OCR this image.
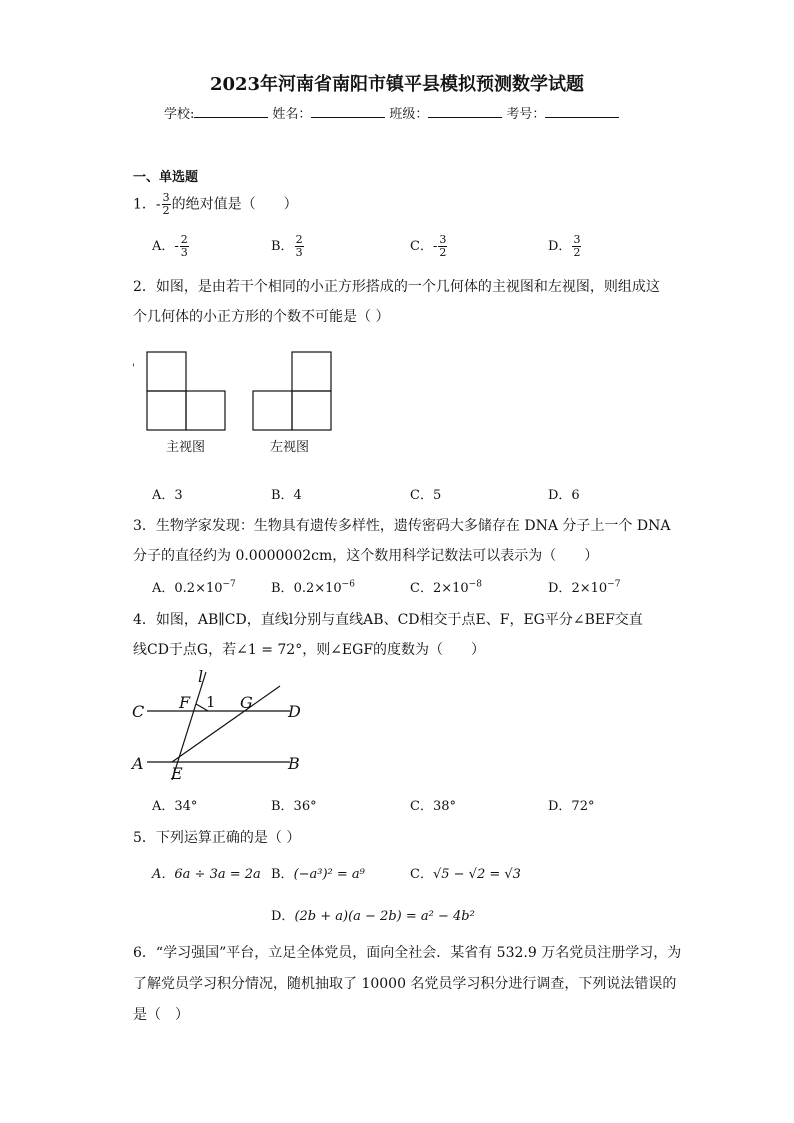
2023年河南省南阳市镇平县模拟预测数学试题
学校:	姓名：	班级：	考号：
一、单选题
1．- $\frac{3}{2}$ 的绝对值是（　　）
A．- $\frac{2}{3}$	B． $\frac{2}{3}$	C．- $\frac{3}{2}$	D． $\frac{3}{2}$
2．如图，是由若干个相同的小正方形搭成的一个几何体的主视图和左视图，则组成这
个几何体的小正方形的个数不可能是（ ）
'
主视图	左视图
A．3	B．4	C．5	D．6
3．生物学家发现：生物具有遗传多样性，遗传密码大多储存在 DNA 分子上一个 DNA
分子的直径约为 0.0000002cm，这个数用科学记数法可以表示为（　　）
A．$0.2\times 10^{-7}$	B．$0.2\times 10^{-6}$	C．$2\times 10^{-8}$	D．$2\times 10^{-7}$
4．如图，AB∥CD，直线l分别与直线AB、CD相交于点E、F，EG平分∠BEF交直
线CD于点G，若∠1 = 72°，则∠EGF的度数为（　　）
l
C F	G D
A
E
B
1
A．34°	B．36°	C．38°	D．72°
5．下列运算正确的是（ ）
A．6a ÷ 3a = 2a B．(−a³)² = a⁹	C．√5 − √2 = √3
D．(2b + a)(a − 2b) = a² − 4b²
6．“学习强国”平台，立足全体党员，面向全社会．某省有 532.9 万名党员注册学习，为
了解党员学习积分情况，随机抽取了 10000 名党员学习积分进行调查，下列说法错误的
是（　）
